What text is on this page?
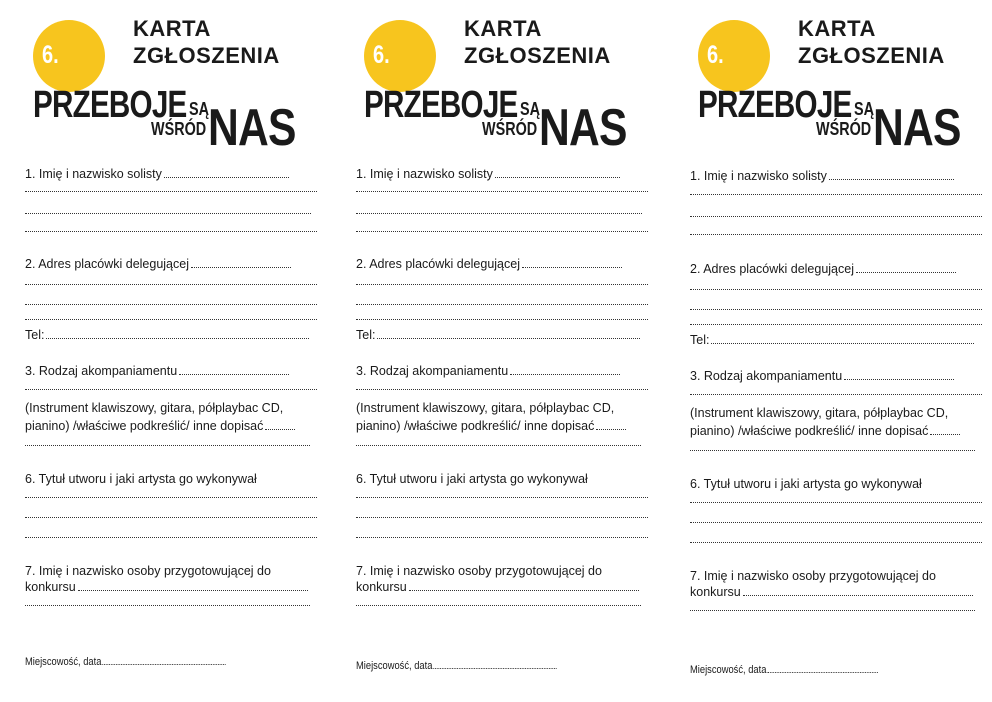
6.
KARTA
ZGŁOSZENIA
PRZEBOJE SĄ
WŚRÓD NAS
1. Imię i nazwisko solisty
2. Adres placówki delegującej
Tel:
3. Rodzaj akompaniamentu
(Instrument klawiszowy, gitara, półplaybac CD,
pianino) /właściwe podkreślić/ inne dopisać
6. Tytuł utworu i jaki artysta go wykonywał
7. Imię i nazwisko osoby przygotowującej do
konkursu
Miejscowość, data
6.
KARTA
ZGŁOSZENIA
PRZEBOJE SĄ
WŚRÓD NAS
1. Imię i nazwisko solisty
2. Adres placówki delegującej
Tel:
3. Rodzaj akompaniamentu
(Instrument klawiszowy, gitara, półplaybac CD,
pianino) /właściwe podkreślić/ inne dopisać
6. Tytuł utworu i jaki artysta go wykonywał
7. Imię i nazwisko osoby przygotowującej do
konkursu
Miejscowość, data
6.
KARTA
ZGŁOSZENIA
PRZEBOJE SĄ
WŚRÓD NAS
1. Imię i nazwisko solisty
2. Adres placówki delegującej
Tel:
3. Rodzaj akompaniamentu
(Instrument klawiszowy, gitara, półplaybac CD,
pianino) /właściwe podkreślić/ inne dopisać
6. Tytuł utworu i jaki artysta go wykonywał
7. Imię i nazwisko osoby przygotowującej do
konkursu
Miejscowość, data
